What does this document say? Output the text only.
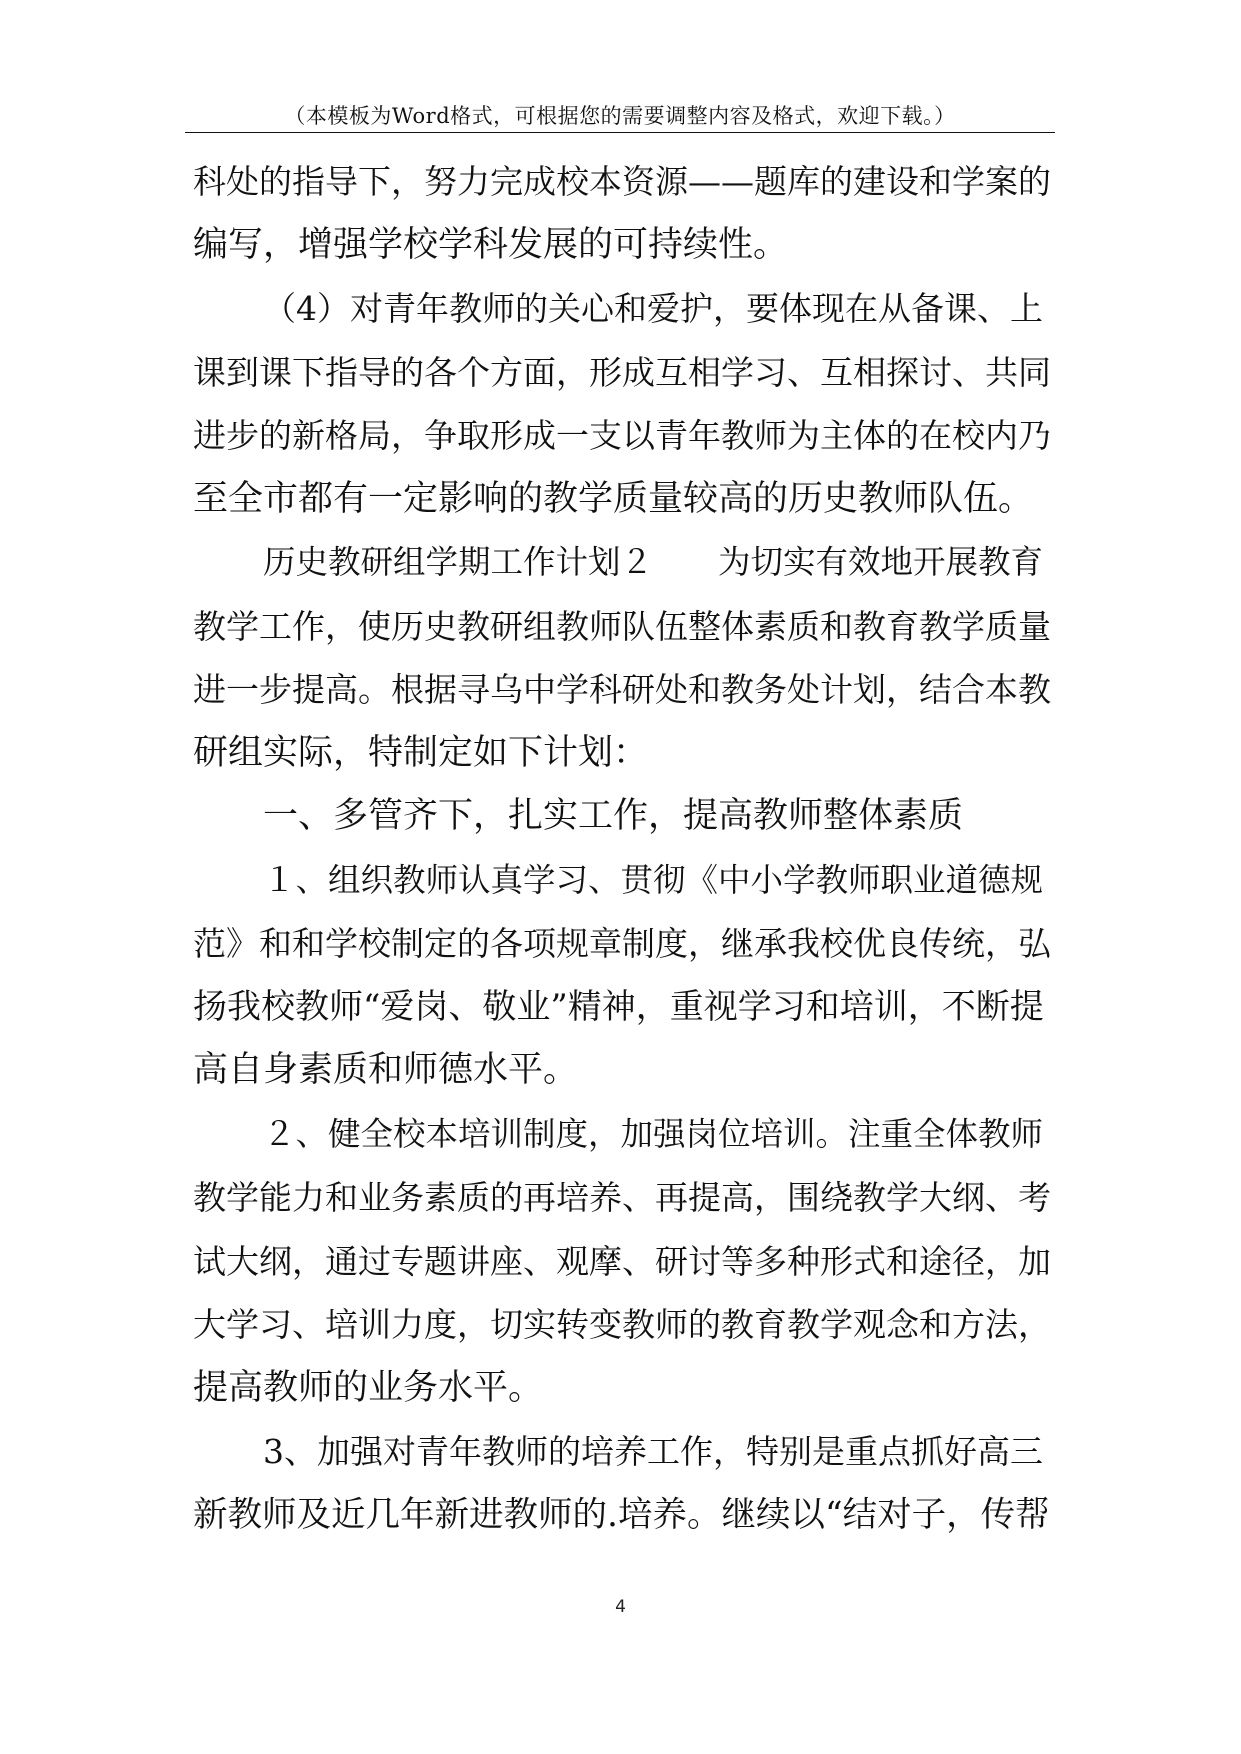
（本模板为Word格式，可根据您的需要调整内容及格式，欢迎下载。）
科处的指导下，努力完成校本资源——题库的建设和学案的
编写，增强学校学科发展的可持续性。
（4）对青年教师的关心和爱护，要体现在从备课、上
课到课下指导的各个方面，形成互相学习、互相探讨、共同
进步的新格局，争取形成一支以青年教师为主体的在校内乃
至全市都有一定影响的教学质量较高的历史教师队伍。
历史教研组学期工作计划２　　为切实有效地开展教育
教学工作，使历史教研组教师队伍整体素质和教育教学质量
进一步提高。根据寻乌中学科研处和教务处计划，结合本教
研组实际，特制定如下计划：
一、多管齐下，扎实工作，提高教师整体素质
１、组织教师认真学习、贯彻《中小学教师职业道德规
范》和和学校制定的各项规章制度，继承我校优良传统，弘
扬我校教师“爱岗、敬业”精神，重视学习和培训，不断提
高自身素质和师德水平。
２、健全校本培训制度，加强岗位培训。注重全体教师
教学能力和业务素质的再培养、再提高，围绕教学大纲、考
试大纲，通过专题讲座、观摩、研讨等多种形式和途径，加
大学习、培训力度，切实转变教师的教育教学观念和方法，
提高教师的业务水平。
3、加强对青年教师的培养工作，特别是重点抓好高三
新教师及近几年新进教师的.培养。继续以“结对子，传帮
4
